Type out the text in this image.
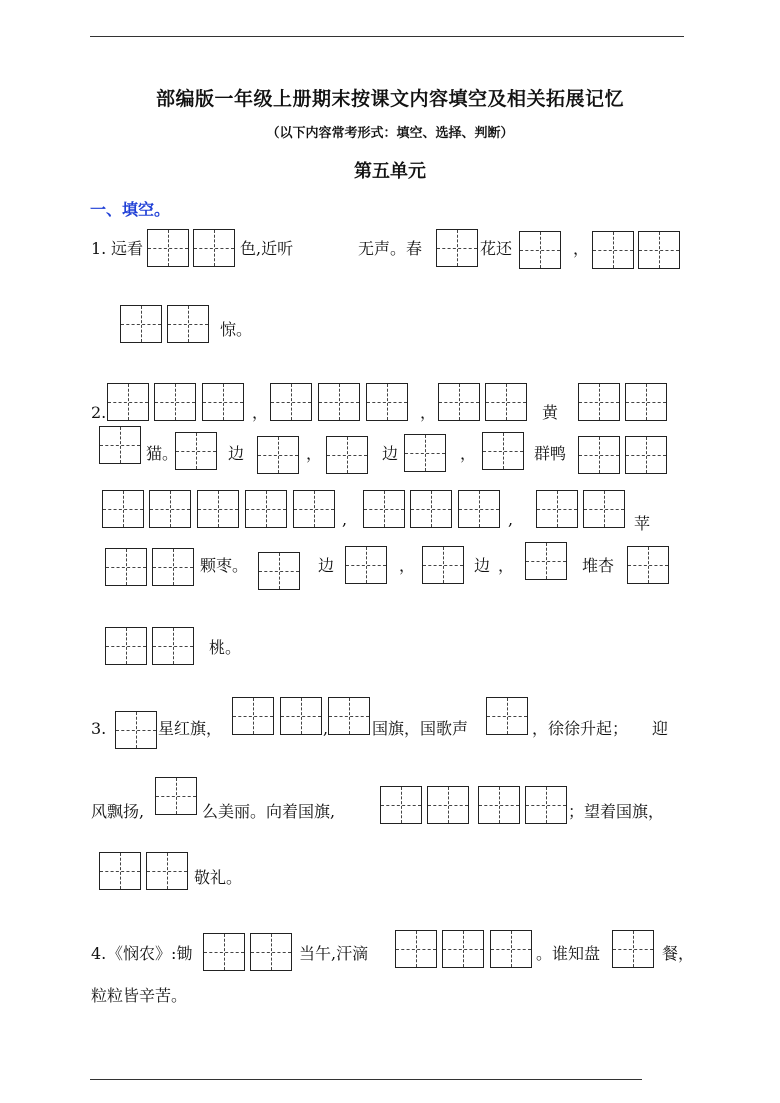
部编版一年级上册期末按课文内容填空及相关拓展记忆
（以下内容常考形式：填空、选择、判断）
第五单元
一、填空。
1. 远看	色,近听	无声。春	花还	，
惊。
2.	，	，	黄
猫。	边	，	边	，	群鸭
,	,	苹
颗枣。	边	，	边 ，	堆杏
桃。
3.	星红旗，	,	国旗，国歌声	，徐徐升起； 迎
风飘扬,	么美丽。向着国旗,	；望着国旗，
敬礼。
4. 《悯农》:锄	当午,汗滴	。谁知盘	餐，
粒粒皆辛苦。
